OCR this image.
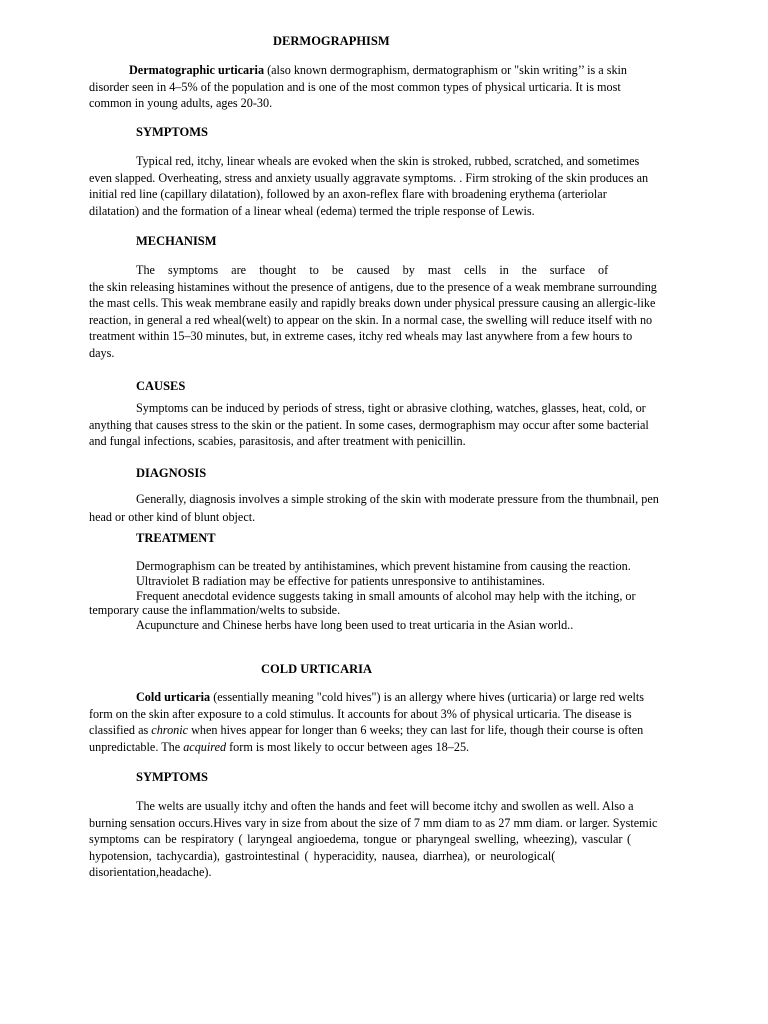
DERMOGRAPHISM
Dermatographic urticaria (also known dermographism, dermatographism or "skin writing’’ is a skin
disorder seen in 4–5% of the population and is one of the most common types of physical urticaria. It is most
common in young adults, ages 20-30.
SYMPTOMS
Typical red, itchy, linear wheals are evoked when the skin is stroked, rubbed, scratched, and sometimes
even slapped. Overheating, stress and anxiety usually aggravate symptoms. . Firm stroking of the skin produces an
initial red line (capillary dilatation), followed by an axon-reflex flare with broadening erythema (arteriolar
dilatation) and the formation of a linear wheal (edema) termed the triple response of Lewis.
MECHANISM
The symptoms are thought to be caused by mast cells in the surface of
the skin releasing histamines without the presence of antigens, due to the presence of a weak membrane surrounding
the mast cells. This weak membrane easily and rapidly breaks down under physical pressure causing an allergic-like
reaction, in general a red wheal(welt) to appear on the skin. In a normal case, the swelling will reduce itself with no
treatment within 15–30 minutes, but, in extreme cases, itchy red wheals may last anywhere from a few hours to
days.
CAUSES
Symptoms can be induced by periods of stress, tight or abrasive clothing, watches, glasses, heat, cold, or
anything that causes stress to the skin or the patient. In some cases, dermographism may occur after some bacterial
and fungal infections, scabies, parasitosis, and after treatment with penicillin.
DIAGNOSIS
Generally, diagnosis involves a simple stroking of the skin with moderate pressure from the thumbnail, pen
head or other kind of blunt object.
TREATMENT
Dermographism can be treated by antihistamines, which prevent histamine from causing the reaction.
Ultraviolet B radiation may be effective for patients unresponsive to antihistamines.
Frequent anecdotal evidence suggests taking in small amounts of alcohol may help with the itching, or
temporary cause the inflammation/welts to subside.
Acupuncture and Chinese herbs have long been used to treat urticaria in the Asian world..
COLD URTICARIA
Cold urticaria (essentially meaning "cold hives") is an allergy where hives (urticaria) or large red welts
form on the skin after exposure to a cold stimulus. It accounts for about 3% of physical urticaria. The disease is
classified as chronic when hives appear for longer than 6 weeks; they can last for life, though their course is often
unpredictable. The acquired form is most likely to occur between ages 18–25.
SYMPTOMS
The welts are usually itchy and often the hands and feet will become itchy and swollen as well. Also a
burning sensation occurs.Hives vary in size from about the size of 7 mm diam to as 27 mm diam. or larger. Systemic
symptoms can be respiratory ( laryngeal angioedema, tongue or pharyngeal swelling, wheezing), vascular (
hypotension, tachycardia), gastrointestinal ( hyperacidity, nausea, diarrhea), or neurological(
disorientation,headache).
